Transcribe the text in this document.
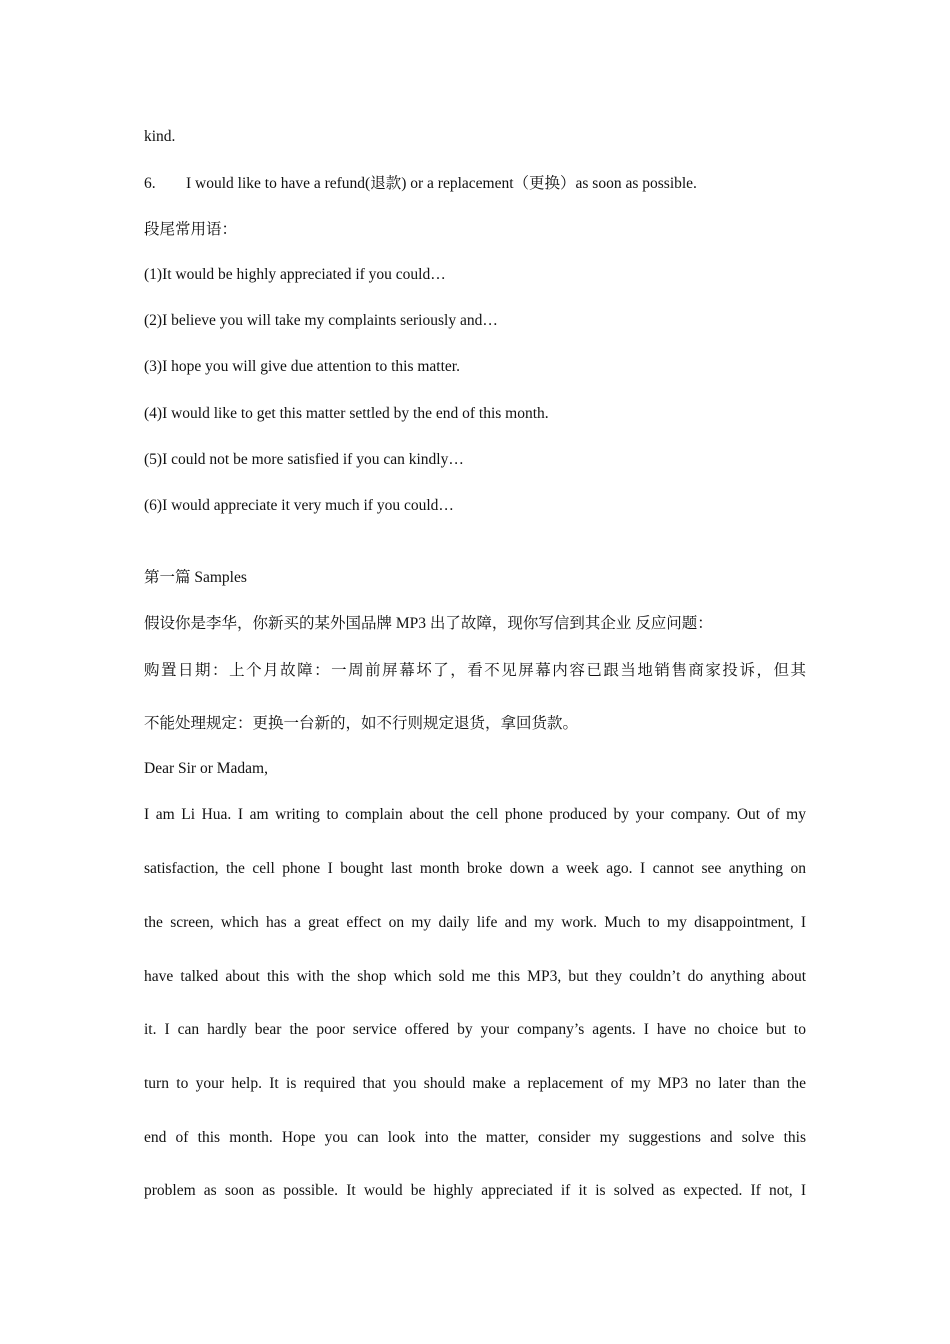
kind.
6. I would like to have a refund(退款) or a replacement（更换）as soon as possible.
段尾常用语：
(1)It would be highly appreciated if you could…
(2)I believe you will take my complaints seriously and…
(3)I hope you will give due attention to this matter.
(4)I would like to get this matter settled by the end of this month.
(5)I could not be more satisfied if you can kindly…
(6)I would appreciate it very much if you could…
第一篇 Samples
假设你是李华，你新买的某外国品牌 MP3 出了故障，现你写信到其企业 反应问题：
购置日期：上个月故障：一周前屏幕坏了，看不见屏幕内容已跟当地销售商家投诉，但其
不能处理规定：更换一台新的，如不行则规定退货，拿回货款。
Dear Sir or Madam,
I am Li Hua. I am writing to complain about the cell phone produced by your company. Out of my
satisfaction, the cell phone I bought last month broke down a week ago. I cannot see anything on
the screen, which has a great effect on my daily life and my work. Much to my disappointment, I
have talked about this with the shop which sold me this MP3, but they couldn’t do anything about
it. I can hardly bear the poor service offered by your company’s agents. I have no choice but to
turn to your help. It is required that you should make a replacement of my MP3 no later than the
end of this month. Hope you can look into the matter, consider my suggestions and solve this
problem as soon as possible. It would be highly appreciated if it is solved as expected. If not, I
